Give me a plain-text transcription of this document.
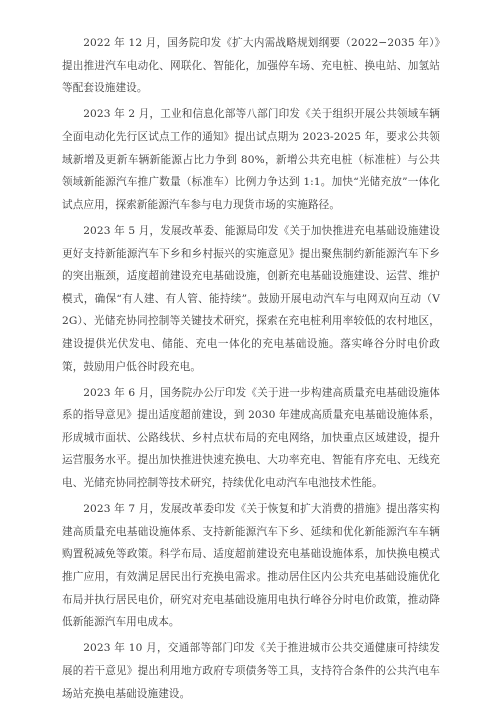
2022 年 12 月，国务院印发《扩大内需战略规划纲要（2022−2035 年）》提出推进汽车电动化、网联化、智能化，加强停车场、充电桩、换电站、加氢站等配套设施建设。

2023 年 2 月，工业和信息化部等八部门印发《关于组织开展公共领域车辆全面电动化先行区试点工作的通知》提出试点期为 2023-2025 年，要求公共领域新增及更新车辆新能源占比力争到 80%，新增公共充电桩（标准桩）与公共领域新能源汽车推广数量（标准车）比例力争达到 1:1。加快“光储充放”一体化试点应用，探索新能源汽车参与电力现货市场的实施路径。

2023 年 5 月，发展改革委、能源局印发《关于加快推进充电基础设施建设更好支持新能源汽车下乡和乡村振兴的实施意见》提出聚焦制约新能源汽车下乡的突出瓶颈，适度超前建设充电基础设施，创新充电基础设施建设、运营、维护模式，确保“有人建、有人管、能持续”。鼓励开展电动汽车与电网双向互动（V2G）、光储充协同控制等关键技术研究，探索在充电桩利用率较低的农村地区，建设提供光伏发电、储能、充电一体化的充电基础设施。落实峰谷分时电价政策，鼓励用户低谷时段充电。

2023 年 6 月，国务院办公厅印发《关于进一步构建高质量充电基础设施体系的指导意见》提出适度超前建设，到 2030 年建成高质量充电基础设施体系，形成城市面状、公路线状、乡村点状布局的充电网络，加快重点区域建设，提升运营服务水平。提出加快推进快速充换电、大功率充电、智能有序充电、无线充电、光储充协同控制等技术研究，持续优化电动汽车电池技术性能。

2023 年 7 月，发展改革委印发《关于恢复和扩大消费的措施》提出落实构建高质量充电基础设施体系、支持新能源汽车下乡、延续和优化新能源汽车车辆购置税减免等政策。科学布局、适度超前建设充电基础设施体系，加快换电模式推广应用，有效满足居民出行充换电需求。推动居住区内公共充电基础设施优化布局并执行居民电价，研究对充电基础设施用电执行峰谷分时电价政策，推动降低新能源汽车用电成本。

2023 年 10 月，交通部等部门印发《关于推进城市公共交通健康可持续发展的若干意见》提出利用地方政府专项债务等工具，支持符合条件的公共汽电车场站充换电基础设施建设。
